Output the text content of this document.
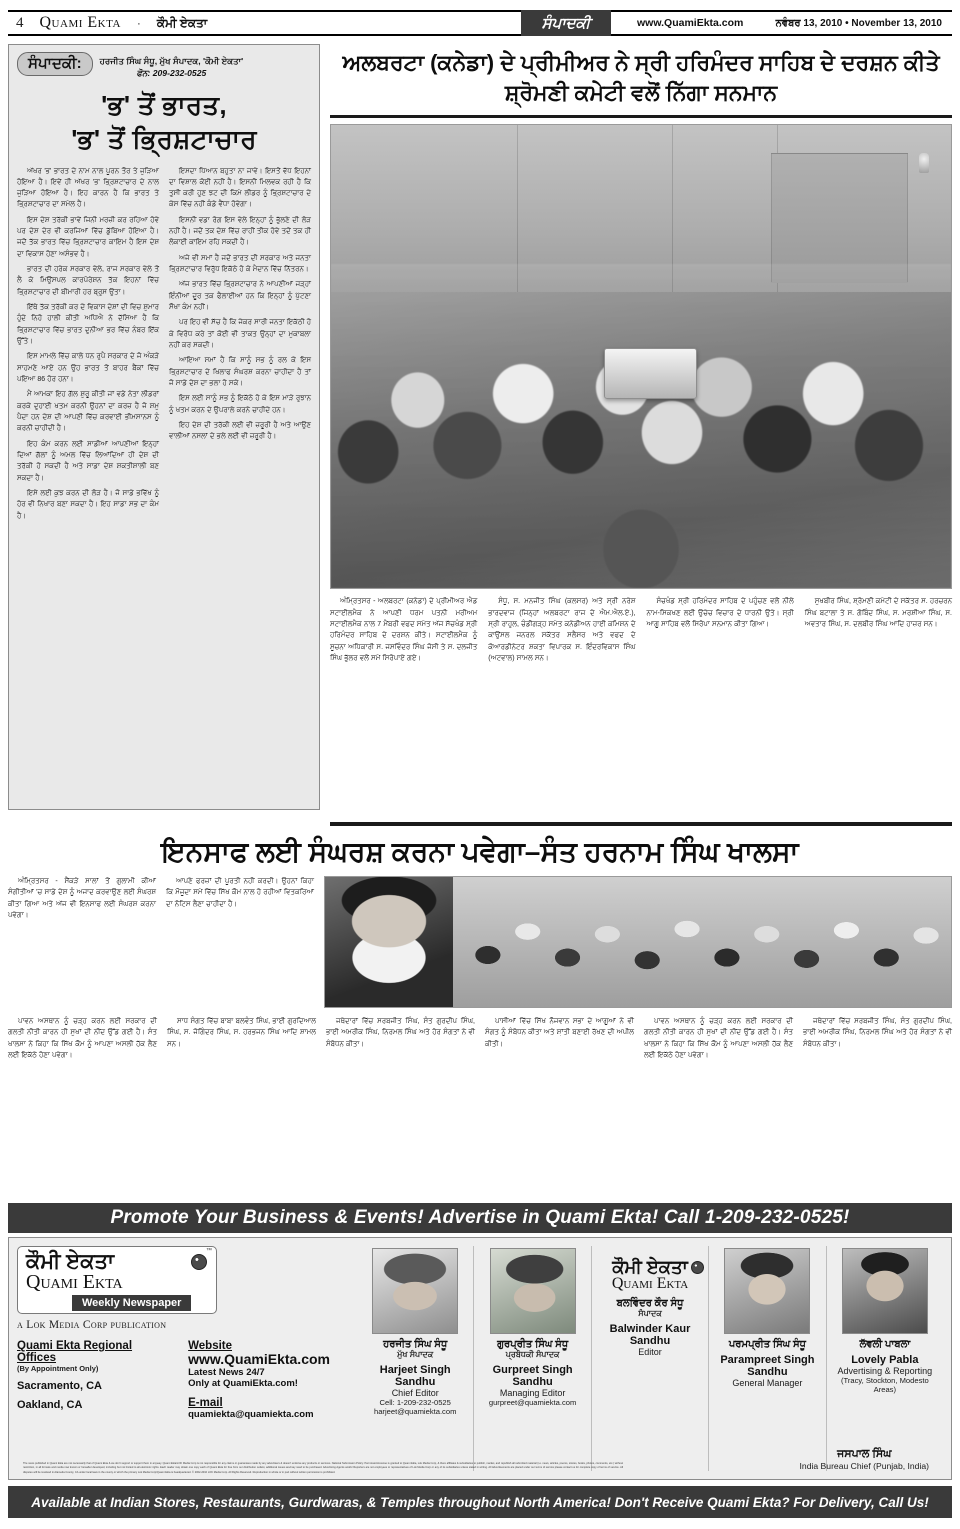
4 Quami Ekta · ਕੌਮੀ ਏਕਤਾ	ਸੰਪਾਦਕੀ	www.QuamiEkta.com	ਨਵੰਬਰ 13, 2010 • November 13, 2010
ਸੰਪਾਦਕੀ:	ਹਰਜੀਤ ਸਿੰਘ ਸੰਧੂ, ਮੁੱਖ ਸੰਪਾਦਕ, 'ਕੌਮੀ ਏਕਤਾ'
ਫੋਨ: 209-232-0525
'ਭ' ਤੋਂ ਭਾਰਤ,
'ਭ' ਤੋਂ ਭ੍ਰਿਸ਼ਟਾਚਾਰ

ਅੱਖਰ 'ਭ' ਭਾਰਤ ਦੇ ਨਾਮ ਨਾਲ ਪੂਰਨ ਤੌਰ ਤੇ ਜੁੜਿਆ ਹੋਇਆ ਹੈ। ਇਵੇਂ ਹੀ ਅੱਖਰ 'ਭ' ਭ੍ਰਿਸ਼ਟਾਚਾਰ ਦੇ ਨਾਲ ਜੁੜਿਆ ਹੋਇਆ ਹੈ। ਇਹ ਕਾਰਨ ਹੈ ਕਿ ਭਾਰਤ ਤੇ ਭ੍ਰਿਸ਼ਟਾਚਾਰ ਦਾ ਸਮੇਲ ਹੈ।

ਇਸ ਦੇਸ਼ ਤਰੱਕੀ ਭਾਵੇਂ ਜਿਨੀ ਮਰਜ਼ੀ ਕਰ ਰਹਿਆ ਹੋਵੇ ਪਰ ਦੇਸ਼ ਦੇਰ ਵੀ ਕਰਜਿਆਂ ਵਿੱਚ ਡੁੱਬਿਆ ਹੋਇਆ ਹੈ। ਜਦੋਂ ਤੱਕ ਭਾਰਤ ਵਿੱਚ ਭ੍ਰਿਸ਼ਟਾਚਾਰ ਕਾਇਮ ਹੈ ਇਸ ਦੇਸ਼ ਦਾ ਵਿਕਾਸ ਹੋਣਾ ਅਸੰਭਵ ਹੈ।

ਭਾਰਤ ਦੀ ਹਰੇਕ ਸਰਕਾਰ ਵੇਲੇ, ਰਾਜ ਸਰਕਾਰ ਵੇਲੇ ਤੋਂ ਲੈ ਕੇ ਮਿਉਂਸਪਲ ਕਾਰਪੋਰੇਸ਼ਨ ਤੱਕ ਇਹਨਾਂ ਵਿੱਚ ਭ੍ਰਿਸ਼ਟਾਚਾਰ ਦੀ ਬੀਮਾਰੀ ਹਰ ਬ੍ਰੁਸ ਉਤਾ।

ਇੱਥੇ ਤੱਕ ਤਰੱਕੀ ਕਰ ਦੇ ਵਿਕਾਸ ਦੇਸ਼ਾਂ ਦੀ ਵਿਚ ਸ਼ੁਮਾਰ ਹੁੰਦੇ ਨਿਹੋ ਹਾਲੀ ਕੀਤੀ ਅਧਿਐ ਨੇ ਦੱਸਿਆ ਹੈ ਕਿ ਭ੍ਰਿਸ਼ਟਾਚਾਰ ਵਿੱਚ ਭਾਰਤ ਦੁਨੀਆ ਭਰ ਵਿੱਚ ਨੰਬਰ ਇੱਕ ਉੱਤੇ।

ਇਸ ਮਾਮਲੇ ਵਿੱਚ ਕਾਲੇ ਧਨ ਰੁਪੈ ਸਰਕਾਰ ਦੇ ਜੋ ਅੰਕੜੇ ਸਾਹਮਣੇ ਆਏ ਹਨ ਉਹ ਭਾਰਤ ਤੋਂ ਬਾਹਰ ਬੈਂਕਾਂ ਵਿੱਚ ਪਇਆ 86 ਹੋਰ ਹਨਾ।

ਮੈਂ ਆਮਕਾ ਇਹ ਗੱਲ ਸ਼ੁਰੂ ਕੀਤੀ ਜਾਂ ਵਡੇ ਨੇਤਾ ਲੀਡਰਾਂ ਕਰਕੇ ਦੁਹਾਈ ਖਤਮ ਕਰਨੀ ਉਹਨਾਂ ਦਾ ਕਰਜ਼ ਹੈ ਜੋ ਸ਼ਮੁ ਪੈਦਾ ਹਨ ਦੇਸ਼ ਦੀ ਆਪਣੀ ਵਿੱਚ ਕਰਵਾਈ ਭੀਮਸਾਨਸ ਨੂੰ ਕਰਨੀ ਚਾਹੀਦੀ ਹੈ।

ਇਹ ਕੰਮ ਕਰਨ ਲਈ ਸਾਡੀਆਂ ਆਪਣੀਆਂ ਇਨ੍ਹਾਂ ਦਿਆਂ ਗੱਲਾਂ ਨੂੰ ਅਮਲ ਵਿੱਚ ਲਿਆਂਦਿਆਂ ਹੀ ਦੇਸ਼ ਦੀ ਤਰੱਕੀ ਹੋ ਸਕਦੀ ਹੈ ਅਤੇ ਸਾਡਾ ਦੇਸ਼ ਸ਼ਕਤੀਸ਼ਾਲੀ ਬਣ ਸਕਦਾ ਹੈ।

ਇਸੇ ਲਈ ਕੁਝ ਕਰਨ ਦੀ ਲੋੜ ਹੈ। ਜੋ ਸਾਡੇ ਭਵਿੱਖ ਨੂੰ ਹੋਰ ਵੀ ਨਿਖਾਰ ਬਣਾ ਸਕਦਾ ਹੈ। ਇਹ ਸਾਡਾ ਸਭ ਦਾ ਕੰਮ ਹੈ।

ਇਸਦਾ ਧਿਆਨ ਬਹੁਤਾ ਨਾ ਜਾਵੇ। ਇਸਤੋਂ ਵੱਧ ਇਹਨਾਂ ਦਾ ਵਿਸ਼ਾਲ ਕੋਈ ਨਹੀਂ ਹੈ। ਇਸਨੀਂ ਮਿਲਵਕ ਰਹੀ ਹੈ ਕਿ ਤੁਸੀਂ ਕਰੀ ਹੁਣ ਝਟ ਦੀ ਕਿਮੇ ਲੀਡਰ ਨੂੰ ਭ੍ਰਿਸ਼ਟਾਚਾਰ ਦੇ ਕੇਸ ਵਿੱਚ ਨਹੀਂ ਕੰਡੇ ਵੈਂਧਾ ਹੋਵੇਗਾ।

ਇਸਨੀਂ ਵਡਾ ਰੋਗ ਇਸ ਵੇਲੇ ਇਨ੍ਹਾਂ ਨੂੰ ਭੁੱਲਣੇ ਦੀ ਲੋੜ ਨਹੀਂ ਹੈ। ਜਦੋਂ ਤਕ ਦੇਸ਼ ਵਿੱਚ ਰਾਹੀਂ ਤੀਕ ਹੋਵੇ ਤਦੋਂ ਤਕ ਹੀ ਲੋਕਾਈ ਕਾਇਮ ਰਹਿ ਸਕਦੀ ਹੈ।

ਅਜੇ ਵੀ ਸਮਾਂ ਹੈ ਜਦੋਂ ਭਾਰਤ ਦੀ ਸਰਕਾਰ ਅਤੇ ਜਨਤਾ ਭ੍ਰਿਸ਼ਟਾਚਾਰ ਵਿਰੁੱਧ ਇਕੱਠੇ ਹੋ ਕੇ ਮੈਦਾਨ ਵਿੱਚ ਨਿੱਤਰਨ।

ਅੱਜ ਭਾਰਤ ਵਿੱਚ ਭ੍ਰਿਸ਼ਟਾਚਾਰ ਨੇ ਆਪਣੀਆਂ ਜੜ੍ਹਾਂ ਇੰਨੀਆਂ ਦੂਰ ਤਕ ਫੈਲਾਈਆਂ ਹਨ ਕਿ ਇਨ੍ਹਾਂ ਨੂੰ ਪੁੱਟਣਾ ਸੌਖਾ ਕੰਮ ਨਹੀਂ।

ਪਰ ਇਹ ਵੀ ਸੱਚ ਹੈ ਕਿ ਜੇਕਰ ਸਾਰੀ ਜਨਤਾ ਇਕੱਠੀ ਹੋ ਕੇ ਵਿਰੋਧ ਕਰੇ ਤਾਂ ਕੋਈ ਵੀ ਤਾਕਤ ਉਨ੍ਹਾਂ ਦਾ ਮੁਕਾਬਲਾ ਨਹੀਂ ਕਰ ਸਕਦੀ।

ਆਇਆ ਸਮਾਂ ਹੈ ਕਿ ਸਾਨੂੰ ਸਭ ਨੂੰ ਰਲ ਕੇ ਇਸ ਭ੍ਰਿਸ਼ਟਾਚਾਰ ਦੇ ਖਿਲਾਫ ਸੰਘਰਸ਼ ਕਰਨਾ ਚਾਹੀਦਾ ਹੈ ਤਾਂ ਜੋ ਸਾਡੇ ਦੇਸ਼ ਦਾ ਭਲਾ ਹੋ ਸਕੇ।

ਇਸ ਲਈ ਸਾਨੂੰ ਸਭ ਨੂੰ ਇਕੱਠੇ ਹੋ ਕੇ ਇਸ ਮਾੜੇ ਰੁਝਾਨ ਨੂੰ ਖਤਮ ਕਰਨ ਦੇ ਉਪਰਾਲੇ ਕਰਨੇ ਚਾਹੀਦੇ ਹਨ।

ਇਹ ਦੇਸ਼ ਦੀ ਤਰੱਕੀ ਲਈ ਵੀ ਜ਼ਰੂਰੀ ਹੈ ਅਤੇ ਆਉਣ ਵਾਲੀਆਂ ਨਸਲਾਂ ਦੇ ਭਲੇ ਲਈ ਵੀ ਜ਼ਰੂਰੀ ਹੈ।

ਅਲਬਰਟਾ (ਕਨੇਡਾ) ਦੇ ਪ੍ਰੀਮੀਅਰ ਨੇ ਸ੍ਰੀ ਹਰਿਮੰਦਰ ਸਾਹਿਬ ਦੇ ਦਰਸ਼ਨ ਕੀਤੇ ਸ਼੍ਰੋਮਣੀ ਕਮੇਟੀ ਵਲੋਂ ਨਿੱਗਾ ਸਨਮਾਨ

ਅੰਮ੍ਰਿਤਸਰ - ਅਲਬਰਟਾ (ਕਨੇਡਾ) ਦੇ ਪ੍ਰੀਮੀਅਰ ਐਡ ਸਟਾਈਲਮੈਕ ਨੇ ਆਪਣੀ ਧਰਮ ਪਤਨੀ ਮਰੀਅਮ ਸਟਾਈਲਮੈਕ ਨਾਲ 7 ਮੈਂਬਰੀ ਵਫਦ ਸਮੇਤ ਅੱਜ ਸੱਚਖੰਡ ਸ੍ਰੀ ਹਰਿਮੰਦਰ ਸਾਹਿਬ ਦੇ ਦਰਸ਼ਨ ਕੀਤੇ। ਸਟਾਈਲਮੈਕ ਨੂੰ ਸੂਚਨਾ ਅਧਿਕਾਰੀ ਸ. ਜਸਵਿੰਦਰ ਸਿੰਘ ਜੋਸੀ ਤੇ ਸ. ਦਲਜੀਤ ਸਿੰਘ ਭੁੱਲਰ ਵਲੋਂ ਸਮੇਂ ਸਿਰੋਪਾਏ ਗਏ।

ਸੰਧੂ, ਸ. ਮਨਜੀਤ ਸਿੰਘ (ਕਲਸਰ) ਅਤੇ ਸ੍ਰੀ ਨਰੇਸ਼ ਭਾਰਦਵਾਜ (ਜਿਨ੍ਹਾਂ ਅਲਬਰਟਾ ਰਾਜ ਦੇ ਐਮ.ਐਲ.ਏ.), ਸ੍ਰੀ ਰਾਹੁਲ, ਚੰਡੀਗੜ੍ਹ ਸਮੇਤ ਕਨੇਡੀਅਨ ਹਾਈ ਕਮਿਸ਼ਨ ਦੇ ਕਾਉਂਸਲ ਜਨਰਲ ਸਕੱਤਰ ਸਲੈਸਰ ਅਤੇ ਵਫਦ ਦੇ ਕੋਆਰਡੀਨੇਟਰ ਸ਼ਕਤਾ ਵਿਪਾਰਕ ਸ. ਇੰਦਰਵਿਕਾਸ ਸਿੰਘ (ਅਟਵਾਲ) ਸਾਮਲ ਸਨ।

ਸੰਚਖੰਡ ਸ੍ਰੀ ਹਰਿਮੰਦਰ ਸਾਹਿਬ ਦੇ ਪਹੁੰਚਣ ਵਲੋਂ ਨੀਲੇ ਨਾਮ-ਸਿਕਖਣ ਲਈ ਉਚੇਚ ਵਿਚਾਰ ਦੇ ਧਾਰਨੀ ਉਤੇ। ਸ੍ਰੀ ਆਗੂ ਸਾਹਿਬ ਵਲੋਂ ਸਿਰੋਪਾ ਸਨਮਾਨ ਕੀਤਾ ਗਿਆ।

ਸੁਖਬੀਰ ਸਿੰਘ, ਸ਼੍ਰੋਮਣੀ ਕਮੇਟੀ ਦੇ ਸਕੱਤਰ ਸ. ਹਰਚਰਨ ਸਿੰਘ ਬਟਾਲਾ ਤੇ ਸ. ਗੋਬਿੰਦ ਸਿੰਘ, ਸ. ਮਰਸ਼ੀਆ ਸਿੰਘ, ਸ. ਅਵਤਾਰ ਸਿੰਘ, ਸ. ਦਲਬੀਰ ਸਿੰਘ ਆਦਿ ਹਾਜ਼ਰ ਸਨ।

ਇਨਸਾਫ ਲਈ ਸੰਘਰਸ਼ ਕਰਨਾ ਪਵੇਗਾ–ਸੰਤ ਹਰਨਾਮ ਸਿੰਘ ਖਾਲਸਾ

ਅੰਮ੍ਰਿਤਸਰ - ਸੈਂਕੜੇ ਸਾਲਾਂ ਤੋਂ ਗੁਲਾਮੀ ਕੀਆਂ ਸੰਗੀਤੀਆਂ 'ਚ ਸਾਡੇ ਦੇਸ਼ ਨੂੰ ਅਜਾਦ ਕਰਵਾਉਣ ਲਈ ਸੰਘਰਸ਼ ਕੀਤਾ ਗਿਆ ਅਤੇ ਅੱਜ ਵੀ ਇਨਸਾਫ ਲਈ ਸੰਘਰਸ਼ ਕਰਨਾ ਪਵੇਗਾ।

ਆਪਣੇ ਫਰਜ਼ਾਂ ਦੀ ਪੂਰਤੀ ਨਹੀਂ ਕਰਦੀ। ਉਹਨਾਂ ਕਿਹਾ ਕਿ ਮੌਜੂਦਾ ਸਮੇਂ ਵਿੱਚ ਸਿੱਖ ਕੌਮ ਨਾਲ ਹੋ ਰਹੀਆਂ ਵਿਤਕਰਿਆਂ ਦਾ ਨੋਟਿਸ ਲੈਣਾ ਚਾਹੀਦਾ ਹੈ।

ਪਾਵਨ ਅਸਥਾਨ ਨੂੰ ਚੜ੍ਹ ਕਰਨ ਲਈ ਸਰਕਾਰ ਦੀ ਗਲਤੀ ਨੀਤੀ ਕਾਰਨ ਹੀ ਸੁਖਾਂ ਦੀ ਨੀਂਦ ਉੱਡ ਗਈ ਹੈ। ਸੰਤ ਖਾਲਸਾ ਨੇ ਕਿਹਾ ਕਿ ਸਿੱਖ ਕੌਮ ਨੂੰ ਆਪਣਾ ਅਸਲੀ ਹੱਕ ਲੈਣ ਲਈ ਇਕੱਠੇ ਹੋਣਾ ਪਵੇਗਾ।

ਸਾਧ ਸੰਗਤ ਵਿੱਚ ਬਾਬਾ ਬਲਵੰਤ ਸਿੰਘ, ਭਾਈ ਗੁਰਦਿਆਲ ਸਿੰਘ, ਸ. ਜੋਗਿੰਦਰ ਸਿੰਘ, ਸ. ਹਰਭਜਨ ਸਿੰਘ ਆਦਿ ਸ਼ਾਮਲ ਸਨ।

ਜਥੇਦਾਰਾਂ ਵਿੱਚ ਸਰਬਜੀਤ ਸਿੰਘ, ਸੰਤ ਗੁਰਦੀਪ ਸਿੰਘ, ਭਾਈ ਅਮਰੀਕ ਸਿੰਘ, ਨਿਰਮਲ ਸਿੰਘ ਅਤੇ ਹੋਰ ਸੰਗਤਾਂ ਨੇ ਵੀ ਸੰਬੋਧਨ ਕੀਤਾ।

ਪਾਸੀਆਂ ਵਿੱਚ ਸਿੱਖ ਨੌਜਵਾਨ ਸਭਾ ਦੇ ਆਗੂਆਂ ਨੇ ਵੀ ਸੰਗਤ ਨੂੰ ਸੰਬੋਧਨ ਕੀਤਾ ਅਤੇ ਸ਼਼ਾਂਤੀ ਬਣਾਈ ਰੱਖਣ ਦੀ ਅਪੀਲ ਕੀਤੀ।

ਪਾਵਨ ਅਸਥਾਨ ਨੂੰ ਚੜ੍ਹ ਕਰਨ ਲਈ ਸਰਕਾਰ ਦੀ ਗਲਤੀ ਨੀਤੀ ਕਾਰਨ ਹੀ ਸੁਖਾਂ ਦੀ ਨੀਂਦ ਉੱਡ ਗਈ ਹੈ। ਸੰਤ ਖਾਲਸਾ ਨੇ ਕਿਹਾ ਕਿ ਸਿੱਖ ਕੌਮ ਨੂੰ ਆਪਣਾ ਅਸਲੀ ਹੱਕ ਲੈਣ ਲਈ ਇਕੱਠੇ ਹੋਣਾ ਪਵੇਗਾ।

ਜਥੇਦਾਰਾਂ ਵਿੱਚ ਸਰਬਜੀਤ ਸਿੰਘ, ਸੰਤ ਗੁਰਦੀਪ ਸਿੰਘ, ਭਾਈ ਅਮਰੀਕ ਸਿੰਘ, ਨਿਰਮਲ ਸਿੰਘ ਅਤੇ ਹੋਰ ਸੰਗਤਾਂ ਨੇ ਵੀ ਸੰਬੋਧਨ ਕੀਤਾ।

Promote Your Business & Events! Advertise in Quami Ekta! Call 1-209-232-0525!
™
ਕੌਮੀ ਏਕਤਾ
Quami Ekta
Weekly Newspaper
a Lok Media Corp publication
Quami Ekta Regional Offices
(By Appointment Only)
Sacramento, CA
Oakland, CA
Website
www.QuamiEkta.com
Latest News 24/7
Only at QuamiEkta.com!
E-mail
quamiekta@quamiekta.com
ਹਰਜੀਤ ਸਿੰਘ ਸੰਧੂ
ਮੁੱਖ ਸੰਪਾਦਕ
Harjeet Singh Sandhu
Chief Editor
Cell: 1-209-232-0525
harjeet@quamiekta.com
ਗੁਰਪ੍ਰੀਤ ਸਿੰਘ ਸੰਧੂ
ਪ੍ਰਬੰਧਕੀ ਸੰਪਾਦਕ
Gurpreet Singh Sandhu
Managing Editor
gurpreet@quamiekta.com
ਕੌਮੀ ਏਕਤਾ
Quami Ekta
ਬਲਵਿੰਦਰ ਕੌਰ ਸੰਧੂ
ਸੰਪਾਦਕ
Balwinder Kaur Sandhu
Editor
ਪਰਮਪ੍ਰੀਤ ਸਿੰਘ ਸੰਧੂ
Parampreet Singh Sandhu
General Manager
ਲੱਵਲੀ ਪਾਬਲਾ
Lovely Pabla
Advertising & Reporting
(Tracy, Stockton, Modesto Areas)
The news published in Quami Ekta are not necessarily that of Quami Ekta & we don't support or support them in anyway. Quami Ekta/LOK Media Corp is not responsible for any claims or guarantees made by any advertisers & doesn't endorse any products or services. National Submission Policy: Permission/License is granted to Quami Ekta, Lok Media Corp, & there affiliates & subsidiaries to publish, market, and republish all submitted material (i.e. news, articles, poems, stories, books, photos, comments, etc.) without restriction, in all formats and media now known or hereafter developed, including but not limited to all electronic rights. Each reader may obtain one copy each of Quami Ekta for free from our distribution outlets; additional issues are/may need to be purchased. Advertising Agents and/or Reporters are not employees or representatives of Lok Media Corp or any of its subsidiaries unless stated in writing. All Advertisements are placed under our terms of service please contact us for complete copy of terms of service. All disputes will be resolved in Alameda County, CA under local laws in the county or which the primary Lok Media Corp/Quami Ekta is headquartered. © 2002-2010 LOK Media Corp. All Rights Reserved. Reproduction in whole or in part without written permission is prohibited.
ਜਸਪਾਲ ਸਿੰਘ
India Bureau Chief (Punjab, India)
Available at Indian Stores, Restaurants, Gurdwaras, & Temples throughout North America! Don't Receive Quami Ekta? For Delivery, Call Us!
